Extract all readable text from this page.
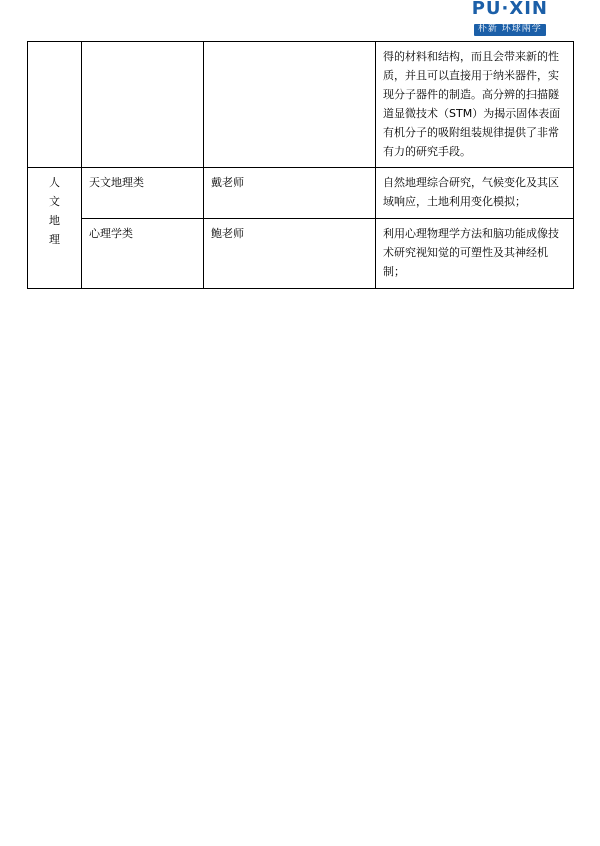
PU·XIN
朴新 环球兩学
			得的材料和结构，而且会带来新的性质，并且可以直接用于纳米器件，实现分子器件的制造。高分辨的扫描隧道显微技术（STM）为揭示固体表面有机分子的吸附组装规律提供了非常有力的研究手段。

人
文
地
理	天文地理类	戴老师	自然地理综合研究，气候变化及其区域响应，土地利用变化模拟；
	心理学类	鲍老师	利用心理物理学方法和脑功能成像技术研究视知觉的可塑性及其神经机制；
